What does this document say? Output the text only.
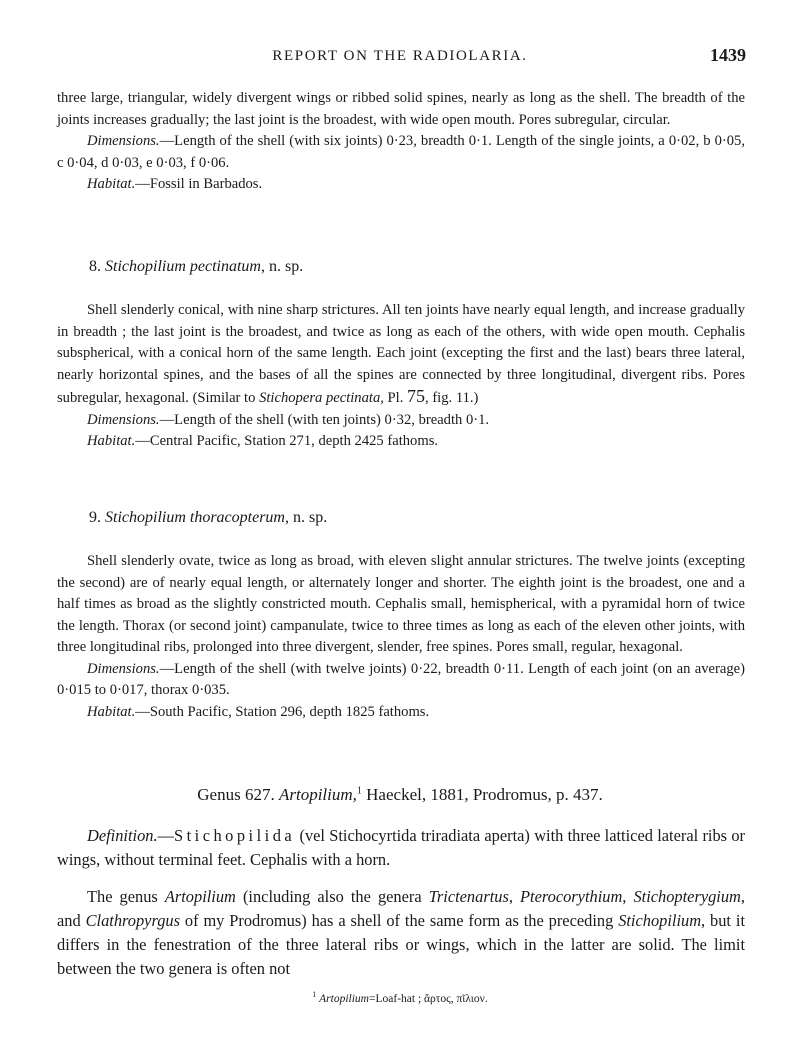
REPORT ON THE RADIOLARIA.	1439

three large, triangular, widely divergent wings or ribbed solid spines, nearly as long as the shell. The breadth of the joints increases gradually; the last joint is the broadest, with wide open mouth. Pores subregular, circular.

Dimensions.—Length of the shell (with six joints) 0·23, breadth 0·1. Length of the single joints, a 0·02, b 0·05, c 0·04, d 0·03, e 0·03, f 0·06.

Habitat.—Fossil in Barbados.

8. Stichopilium pectinatum, n. sp.

Shell slenderly conical, with nine sharp strictures. All ten joints have nearly equal length, and increase gradually in breadth ; the last joint is the broadest, and twice as long as each of the others, with wide open mouth. Cephalis subspherical, with a conical horn of the same length. Each joint (excepting the first and the last) bears three lateral, nearly horizontal spines, and the bases of all the spines are connected by three longitudinal, divergent ribs. Pores subregular, hexagonal. (Similar to Stichopera pectinata, Pl. 75, fig. 11.)

Dimensions.—Length of the shell (with ten joints) 0·32, breadth 0·1.

Habitat.—Central Pacific, Station 271, depth 2425 fathoms.

9. Stichopilium thoracopterum, n. sp.

Shell slenderly ovate, twice as long as broad, with eleven slight annular strictures. The twelve joints (excepting the second) are of nearly equal length, or alternately longer and shorter. The eighth joint is the broadest, one and a half times as broad as the slightly constricted mouth. Cephalis small, hemispherical, with a pyramidal horn of twice the length. Thorax (or second joint) campanulate, twice to three times as long as each of the eleven other joints, with three longitudinal ribs, prolonged into three divergent, slender, free spines. Pores small, regular, hexagonal.

Dimensions.—Length of the shell (with twelve joints) 0·22, breadth 0·11. Length of each joint (on an average) 0·015 to 0·017, thorax 0·035.

Habitat.—South Pacific, Station 296, depth 1825 fathoms.

Genus 627. Artopilium,$^1$ Haeckel, 1881, Prodromus, p. 437.

Definition.—Stichopilida (vel Stichocyrtida triradiata aperta) with three latticed lateral ribs or wings, without terminal feet. Cephalis with a horn.

The genus Artopilium (including also the genera Trictenartus, Pterocorythium, Stichopterygium, and Clathropyrgus of my Prodromus) has a shell of the same form as the preceding Stichopilium, but it differs in the fenestration of the three lateral ribs or wings, which in the latter are solid. The limit between the two genera is often not

$^1$ Artopilium=Loaf-hat ; ἄρτος, πῖλιον.
